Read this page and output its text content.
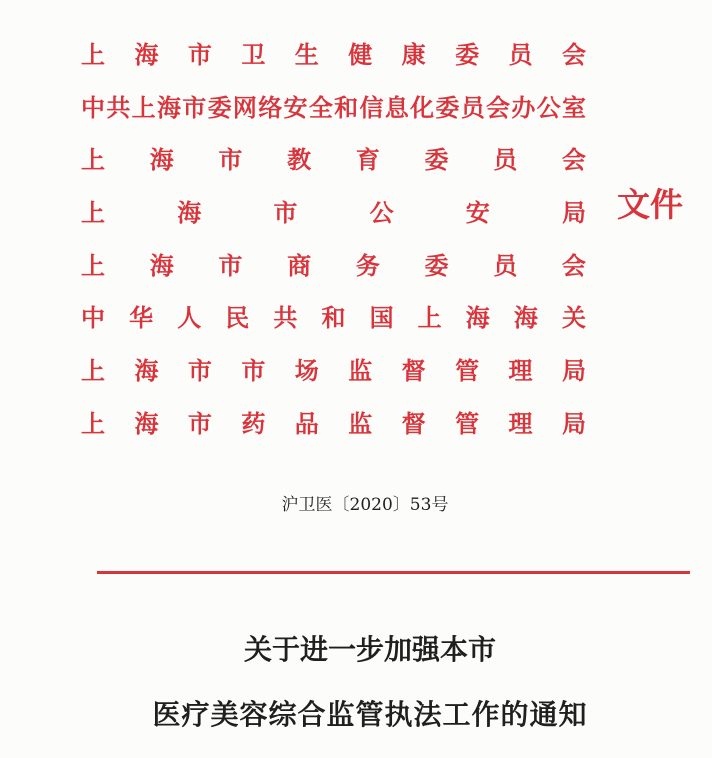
上 海 市 卫 生 健 康 委 员 会
中 共 上 海 市 委 网 络 安 全 和 信 息 化 委 员 会 办 公 室
上 海 市 教 育 委 员 会
上	海	市	公	安	局
上 海 市 商 务 委 员 会
中 华 人 民 共 和 国 上 海 海 关
上 海 市 市 场 监 督 管 理 局
上 海 市 药 品 监 督 管 理 局
文件
沪卫医〔2020〕53号
关于进一步加强本市
医疗美容综合监管执法工作的通知
